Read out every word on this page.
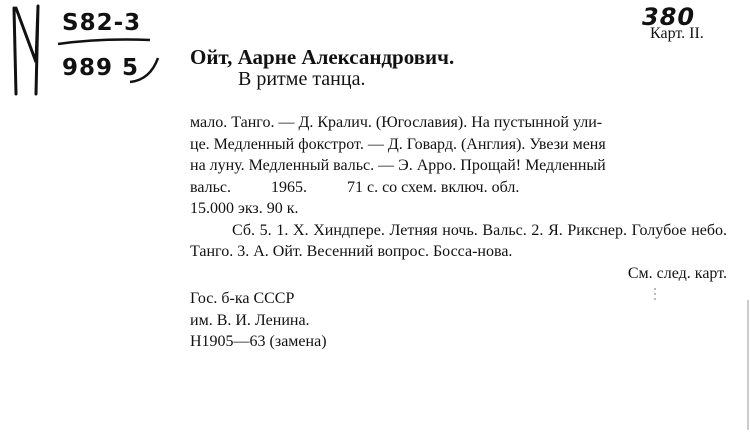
S82-3
989 5
380
Карт. II.
Ойт, Аарне Александрович.
В ритме танца.

мало. Танго. — Д. Кралич. (Югославия). На пустынной ули-

це. Медленный фокстрот. — Д. Говард. (Англия). Увези меня

на луну. Медленный вальс. — Э. Арро. Прощай! Медленный

вальс.          1965.          71 с. со схем. включ. обл.

15.000 экз. 90 к.

Сб. 5. 1. Х. Хиндпере. Летняя ночь. Вальс. 2. Я. Рикснер. Голубое небо. Танго. 3. А. Ойт. Весенний вопрос. Босса-нова.

См. след. карт.

Гос. б-ка СССР
им. В. И. Ленина.
Н1905—63 (замена)
